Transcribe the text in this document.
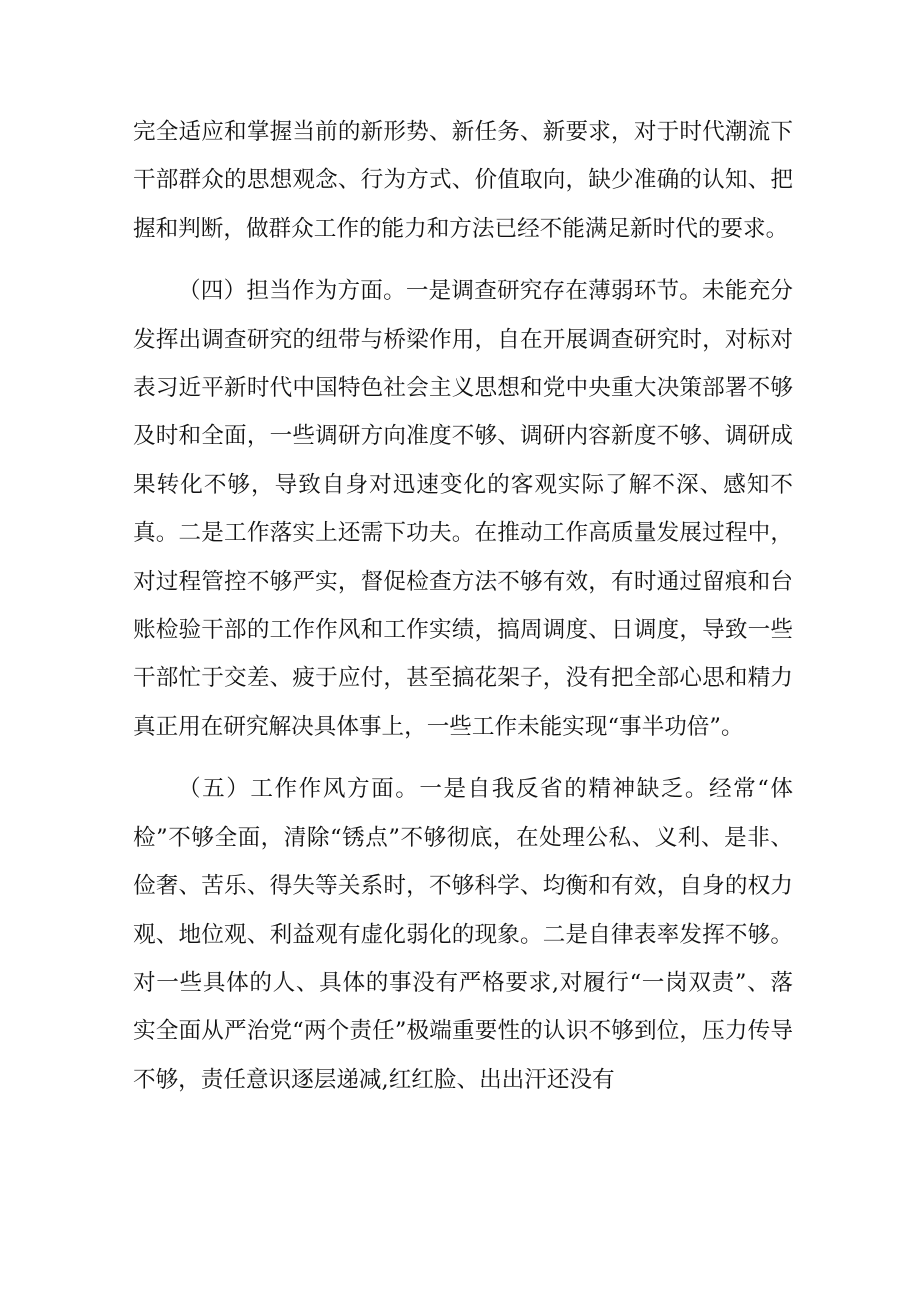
完全适应和掌握当前的新形势、新任务、新要求，对于时代潮流下干部群众的思想观念、行为方式、价值取向，缺少准确的认知、把握和判断，做群众工作的能力和方法已经不能满足新时代的要求。

（四）担当作为方面。一是调查研究存在薄弱环节。未能充分发挥出调查研究的纽带与桥梁作用，自在开展调查研究时，对标对表习近平新时代中国特色社会主义思想和党中央重大决策部署不够及时和全面，一些调研方向准度不够、调研内容新度不够、调研成果转化不够，导致自身对迅速变化的客观实际了解不深、感知不真。二是工作落实上还需下功夫。在推动工作高质量发展过程中，对过程管控不够严实，督促检查方法不够有效，有时通过留痕和台账检验干部的工作作风和工作实绩，搞周调度、日调度，导致一些干部忙于交差、疲于应付，甚至搞花架子，没有把全部心思和精力真正用在研究解决具体事上，一些工作未能实现“事半功倍”。

（五）工作作风方面。一是自我反省的精神缺乏。经常“体检”不够全面，清除“锈点”不够彻底，在处理公私、义利、是非、俭奢、苦乐、得失等关系时，不够科学、均衡和有效，自身的权力观、地位观、利益观有虚化弱化的现象。二是自律表率发挥不够。对一些具体的人、具体的事没有严格要求,对履行“一岗双责”、落实全面从严治党“两个责任”极端重要性的认识不够到位，压力传导不够，责任意识逐层递减,红红脸、出出汗还没有
